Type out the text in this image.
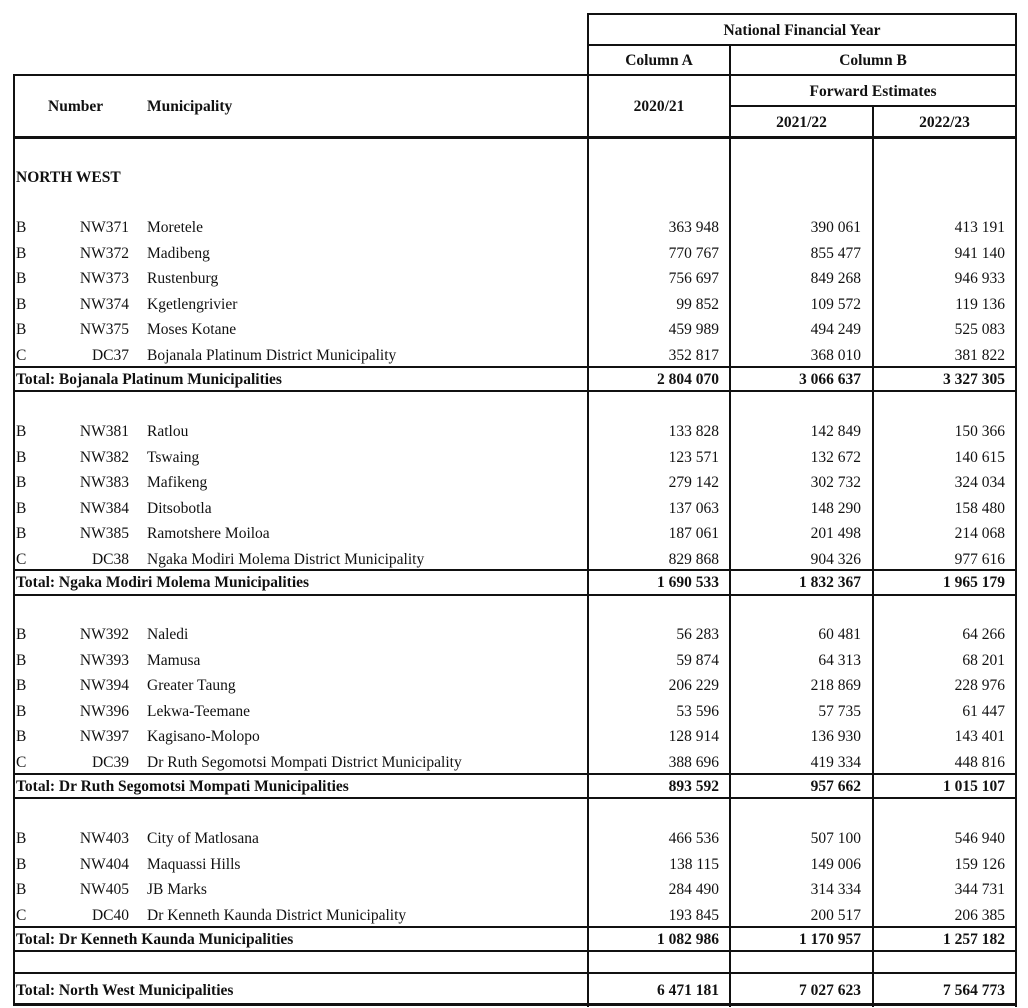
National Financial Year
Column A	Column B
Number	Municipality	2020/21
Forward Estimates
2021/22	2022/23
NORTH WEST
B	NW371 Moretele	363 948	390 061	413 191
B	NW372 Madibeng	770 767	855 477	941 140
B	NW373 Rustenburg	756 697	849 268	946 933
B	NW374 Kgetlengrivier	99 852	109 572	119 136
B	NW375 Moses Kotane	459 989	494 249	525 083
C	DC37 Bojanala Platinum District Municipality	352 817	368 010	381 822
Total: Bojanala Platinum Municipalities	2 804 070	3 066 637	3 327 305
B	NW381 Ratlou	133 828	142 849	150 366
B	NW382 Tswaing	123 571	132 672	140 615
B	NW383 Mafikeng	279 142	302 732	324 034
B	NW384 Ditsobotla	137 063	148 290	158 480
B	NW385 Ramotshere Moiloa	187 061	201 498	214 068
C	DC38 Ngaka Modiri Molema District Municipality	829 868	904 326	977 616
Total: Ngaka Modiri Molema Municipalities	1 690 533	1 832 367	1 965 179
B	NW392 Naledi	56 283	60 481	64 266
B	NW393 Mamusa	59 874	64 313	68 201
B	NW394 Greater Taung	206 229	218 869	228 976
B	NW396 Lekwa-Teemane	53 596	57 735	61 447
B	NW397 Kagisano-Molopo	128 914	136 930	143 401
C	DC39 Dr Ruth Segomotsi Mompati District Municipality	388 696	419 334	448 816
Total: Dr Ruth Segomotsi Mompati Municipalities	893 592	957 662	1 015 107
B	NW403 City of Matlosana	466 536	507 100	546 940
B	NW404 Maquassi Hills	138 115	149 006	159 126
B	NW405 JB Marks	284 490	314 334	344 731
C	DC40 Dr Kenneth Kaunda District Municipality	193 845	200 517	206 385
Total: Dr Kenneth Kaunda Municipalities	1 082 986	1 170 957	1 257 182
Total: North West Municipalities	6 471 181	7 027 623	7 564 773
